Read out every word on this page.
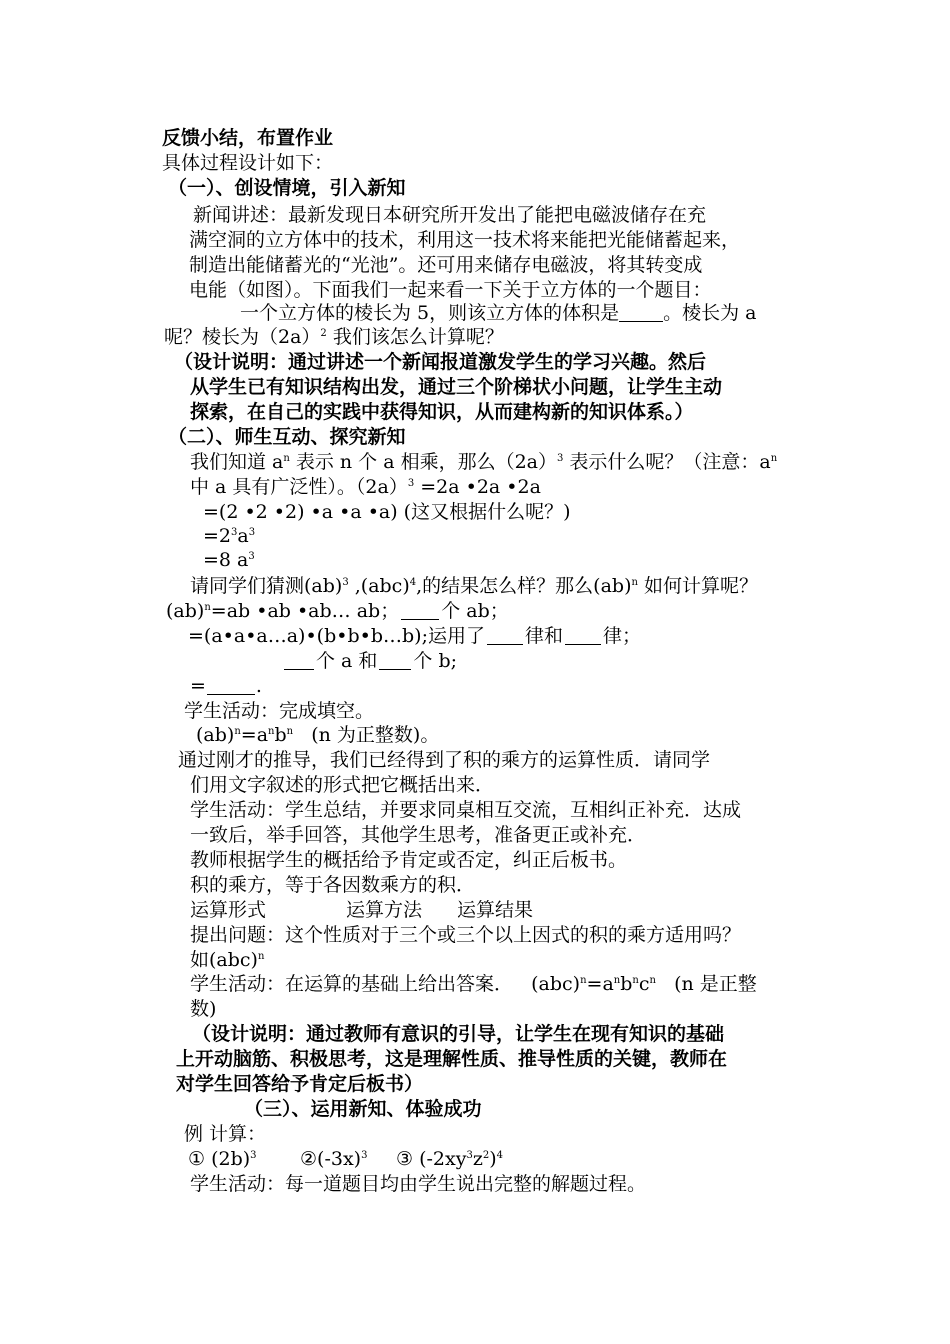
反馈小结，布置作业
具体过程设计如下：
（一）、创设情境，引入新知
新闻讲述：最新发现日本研究所开发出了能把电磁波储存在充
满空洞的立方体中的技术，利用这一技术将来能把光能储蓄起来，
制造出能储蓄光的“光池”。还可用来储存电磁波，将其转变成
电能（如图）。下面我们一起来看一下关于立方体的一个题目：
一个立方体的棱长为 5，则该立方体的体积是 。棱长为 a
呢？棱长为$(2a)^2$ 我们该怎么计算呢？
（设计说明：通过讲述一个新闻报道激发学生的学习兴趣。然后
从学生已有知识结构出发，通过三个阶梯状小问题，让学生主动
探索，在自己的实践中获得知识，从而建构新的知识体系。）
（二）、师生互动、探究新知
我们知道 $a^n$ 表示 n 个 a 相乘，那么$(2a)^3$ 表示什么呢？（注意：$a^n$
中 a 具有广泛性）。$(2a)^3 =2a$ •2a •2a
=(2 •2 •2) •a •a •a) (这又根据什么呢？)
$=2^3a^3$
=8 $a^3$
请同学们猜测(ab)$^3$ ,(abc)$^4$,的结果怎么样？那么(ab)$^n$ 如何计算呢？
(ab)$^n$=ab •ab •ab… ab； 个 ab；
=(a•a•a…a)•(b•b•b…b);运用了 律和 律；
个 a 和 个 b;
=	.
学生活动：完成填空。
$(ab)^n=a^nb^n$   (n 为正整数)。
通过刚才的推导，我们已经得到了积的乘方的运算性质．请同学
们用文字叙述的形式把它概括出来．
学生活动：学生总结，并要求同桌相互交流，互相纠正补充．达成
一致后，举手回答，其他学生思考，准备更正或补充．
教师根据学生的概括给予肯定或否定，纠正后板书。
积的乘方，等于各因数乘方的积．
运算形式	运算方法 运算结果
提出问题：这个性质对于三个或三个以上因式的积的乘方适用吗？
如(abc)$^n$
学生活动：在运算的基础上给出答案．   $(abc)^n=a^nb^nc^n$   (n 是正整
数)
（设计说明：通过教师有意识的引导，让学生在现有知识的基础
上开动脑筋、积极思考，这是理解性质、推导性质的关键，教师在
对学生回答给予肯定后板书）
（三）、运用新知、体验成功
例 计算：
① $(2b)^3$ $②(-3x)^3$ ③ $(-2xy^3z^2)^4$
学生活动：每一道题目均由学生说出完整的解题过程。
